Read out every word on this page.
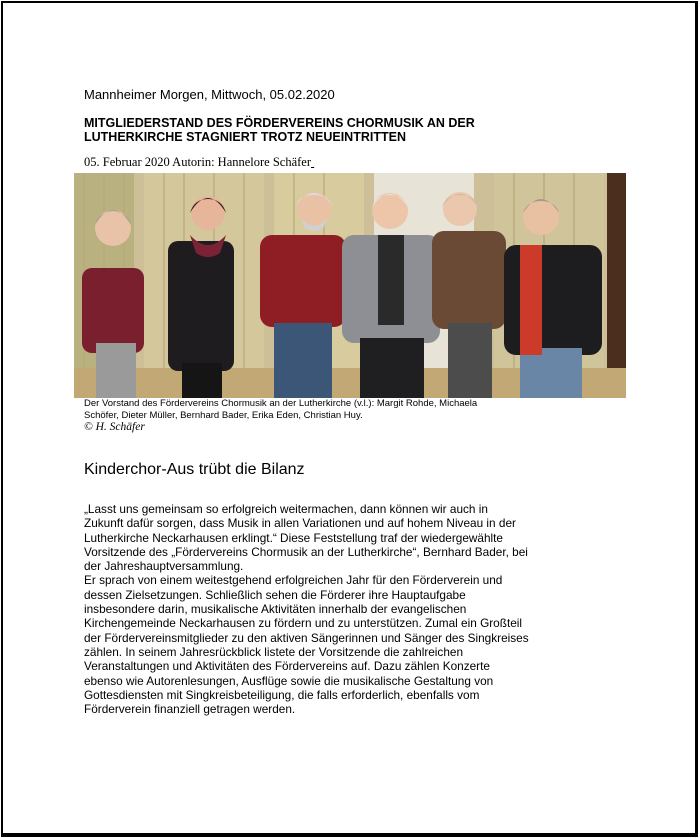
Mannheimer Morgen, Mittwoch, 05.02.2020
MITGLIEDERSTAND DES FÖRDERVEREINS CHORMUSIK AN DER
LUTHERKIRCHE STAGNIERT TROTZ NEUEINTRITTEN
05. Februar 2020 Autorin: Hannelore Schäfer
Der Vorstand des Fördervereins Chormusik an der Lutherkirche (v.l.): Margit Rohde, Michaela
Schöfer, Dieter Müller, Bernhard Bader, Erika Eden, Christian Huy.
© H. Schäfer
Kinderchor-Aus trübt die Bilanz
„Lasst uns gemeinsam so erfolgreich weitermachen, dann können wir auch in
Zukunft dafür sorgen, dass Musik in allen Variationen und auf hohem Niveau in der
Lutherkirche Neckarhausen erklingt.“ Diese Feststellung traf der wiedergewählte
Vorsitzende des „Fördervereins Chormusik an der Lutherkirche“, Bernhard Bader, bei
der Jahreshauptversammlung.
Er sprach von einem weitestgehend erfolgreichen Jahr für den Förderverein und
dessen Zielsetzungen. Schließlich sehen die Förderer ihre Hauptaufgabe
insbesondere darin, musikalische Aktivitäten innerhalb der evangelischen
Kirchengemeinde Neckarhausen zu fördern und zu unterstützen. Zumal ein Großteil
der Fördervereinsmitglieder zu den aktiven Sängerinnen und Sänger des Singkreises
zählen. In seinem Jahresrückblick listete der Vorsitzende die zahlreichen
Veranstaltungen und Aktivitäten des Fördervereins auf. Dazu zählen Konzerte
ebenso wie Autorenlesungen, Ausflüge sowie die musikalische Gestaltung von
Gottesdiensten mit Singkreisbeteiligung, die falls erforderlich, ebenfalls vom
Förderverein finanziell getragen werden.
